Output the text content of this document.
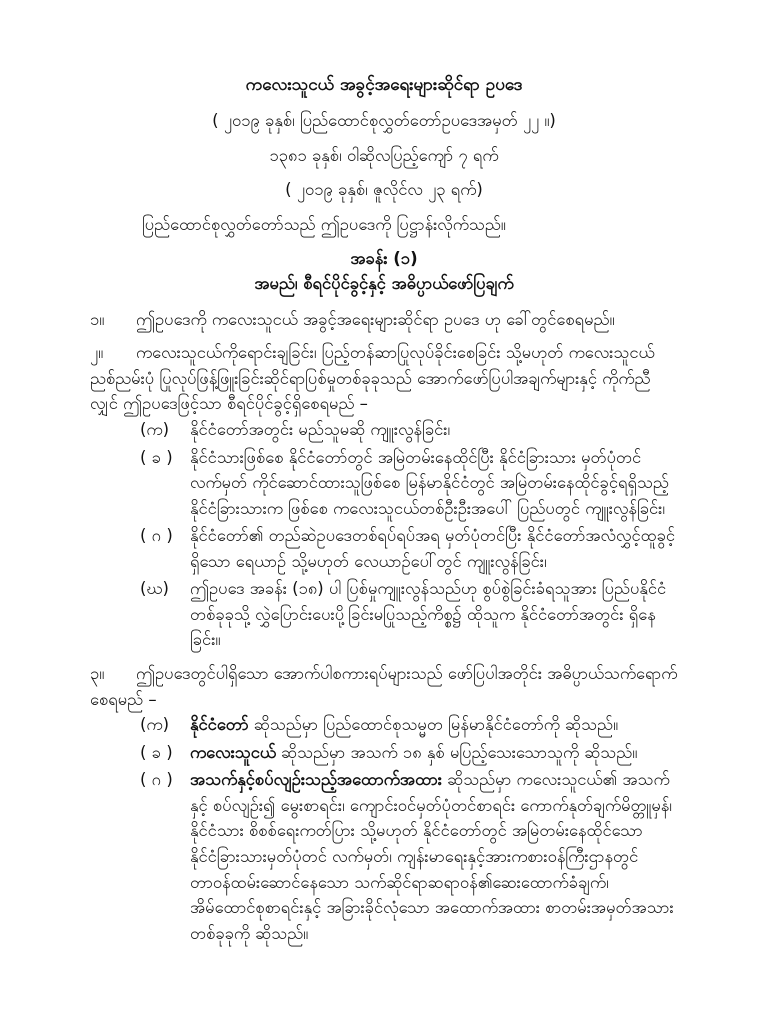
ကလေးသူငယ် အခွင့်အရေးများဆိုင်ရာ ဥပဒေ
( ၂၀၁၉ ခုနှစ်၊ ပြည်ထောင်စုလွှတ်တော်ဥပဒေအမှတ် ၂၂ ။)
၁၃၈၁ ခုနှစ်၊ ဝါဆိုလပြည့်ကျော် ၇ ရက်
( ၂၀၁၉ ခုနှစ်၊ ဇူလိုင်လ ၂၃ ရက်)
ပြည်ထောင်စုလွှတ်တော်သည် ဤဥပဒေကို ပြဋ္ဌာန်းလိုက်သည်။
အခန်း (၁)
အမည်၊ စီရင်ပိုင်ခွင့်နှင့် အဓိပ္ပာယ်ဖော်ပြချက်
၁။	ဤဥပဒေကို ကလေးသူငယ် အခွင့်အရေးများဆိုင်ရာ ဥပဒေ ဟု ခေါ်တွင်စေရမည်။
၂။	ကလေးသူငယ်ကိုရောင်းချခြင်း၊ ပြည့်တန်ဆာပြုလုပ်ခိုင်းစေခြင်း သို့မဟုတ် ကလေးသူငယ်
ညစ်ညမ်းပုံ ပြုလုပ်ဖြန့်ဖြူးခြင်းဆိုင်ရာပြစ်မှုတစ်ခုခုသည် အောက်ဖော်ပြပါအချက်များနှင့် ကိုက်ညီလျှင် ဤဥပဒေဖြင့်သာ စီရင်ပိုင်ခွင့်ရှိစေရမည် –
(က)	နိုင်ငံတော်အတွင်း မည်သူမဆို ကျူးလွန်ခြင်း၊
( ခ )	နိုင်ငံသားဖြစ်စေ နိုင်ငံတော်တွင် အမြဲတမ်းနေထိုင်ပြီး နိုင်ငံခြားသား မှတ်ပုံတင်လက်မှတ် ကိုင်ဆောင်ထားသူဖြစ်စေ မြန်မာနိုင်ငံတွင် အမြဲတမ်းနေထိုင်ခွင့်ရရှိသည့် နိုင်ငံခြားသားက ဖြစ်စေ ကလေးသူငယ်တစ်ဦးဦးအပေါ် ပြည်ပတွင် ကျူးလွန်ခြင်း၊
( ဂ )	နိုင်ငံတော်၏ တည်ဆဲဥပဒေတစ်ရပ်ရပ်အရ မှတ်ပုံတင်ပြီး နိုင်ငံတော်အလံလွှင့်ထူခွင့် ရှိသော ရေယာဉ် သို့မဟုတ် လေယာဉ်ပေါ်တွင် ကျူးလွန်ခြင်း၊
(ဃ)	ဤဥပဒေ အခန်း (၁၈) ပါ ပြစ်မှုကျူးလွန်သည်ဟု စွပ်စွဲခြင်းခံရသူအား ပြည်ပနိုင်ငံ တစ်ခုခုသို့ လွှဲပြောင်းပေးပို့ခြင်းမပြုသည့်ကိစ္စ၌ ထိုသူက နိုင်ငံတော်အတွင်း ရှိနေခြင်း။
၃။	ဤဥပဒေတွင်ပါရှိသော အောက်ပါစကားရပ်များသည် ဖော်ပြပါအတိုင်း အဓိပ္ပာယ်သက်ရောက်
စေရမည် –
(က)	နိုင်ငံတော် ဆိုသည်မှာ ပြည်ထောင်စုသမ္မတ မြန်မာနိုင်ငံတော်ကို ဆိုသည်။
( ခ )	ကလေးသူငယ် ဆိုသည်မှာ အသက် ၁၈ နှစ် မပြည့်သေးသောသူကို ဆိုသည်။
( ဂ )	အသက်နှင့်စပ်လျဉ်းသည့်အထောက်အထား ဆိုသည်မှာ ကလေးသူငယ်၏ အသက်နှင့် စပ်လျဉ်း၍ မွေးစာရင်း၊ ကျောင်းဝင်မှတ်ပုံတင်စာရင်း ကောက်နုတ်ချက်မိတ္တူမှန်၊ နိုင်ငံသား စိစစ်ရေးကတ်ပြား သို့မဟုတ် နိုင်ငံတော်တွင် အမြဲတမ်းနေထိုင်သော နိုင်ငံခြားသားမှတ်ပုံတင် လက်မှတ်၊ ကျန်းမာရေးနှင့်အားကစားဝန်ကြီးဌာနတွင် တာဝန်ထမ်းဆောင်နေသော သက်ဆိုင်ရာဆရာဝန်၏ဆေးထောက်ခံချက်၊ အိမ်ထောင်စုစာရင်းနှင့် အခြားခိုင်လုံသော အထောက်အထား စာတမ်းအမှတ်အသားတစ်ခုခုကို ဆိုသည်။
